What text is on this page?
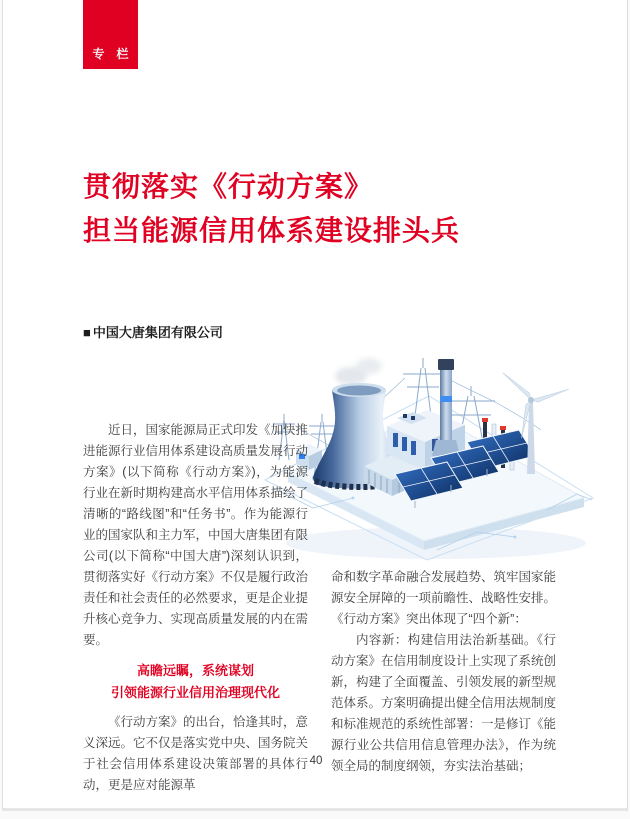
专　栏
贯彻落实《行动方案》
担当能源信用体系建设排头兵
■ 中国大唐集团有限公司

近日，国家能源局正式印发《加快推进能源行业信用体系建设高质量发展行动方案》(以下简称《行动方案》)，为能源行业在新时期构建高水平信用体系描绘了清晰的“路线图”和“任务书”。作为能源行业的国家队和主力军，中国大唐集团有限公司(以下简称“中国大唐”)深刻认识到，贯彻落实好《行动方案》不仅是履行政治责任和社会责任的必然要求，更是企业提升核心竞争力、实现高质量发展的内在需要。

高瞻远瞩，系统谋划
引领能源行业信用治理现代化

《行动方案》的出台，恰逢其时，意义深远。它不仅是落实党中央、国务院关于社会信用体系建设决策部署的具体行动，更是应对能源革

命和数字革命融合发展趋势、筑牢国家能源安全屏障的一项前瞻性、战略性安排。《行动方案》突出体现了“四个新”：

内容新：构建信用法治新基础。《行动方案》在信用制度设计上实现了系统创新，构建了全面覆盖、引领发展的新型规范体系。方案明确提出健全信用法规制度和标准规范的系统性部署：一是修订《能源行业公共信用信息管理办法》，作为统领全局的制度纲领，夯实法治基础；

40
